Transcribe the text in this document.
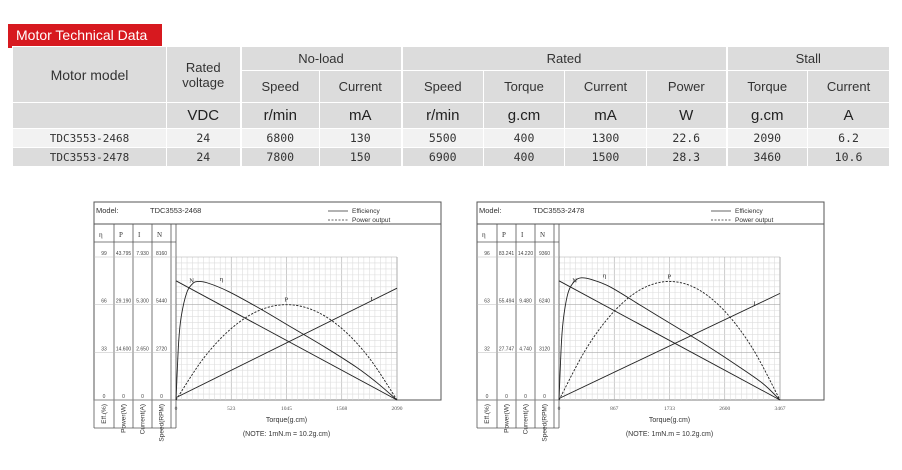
Motor Technical Data
Motor model	Rated
voltage	No-load		Rated				Stall	
		Speed	Current	Speed	Torque	Current	Power	Torque	Current
	VDC	r/min	mA	r/min	g.cm	mA	W	g.cm	A
TDC3553-2468	24	6800	130	5500	400	1300	22.6	2090	6.2
TDC3553-2478	24	7800	150	6900	400	1500	28.3	3460	10.6
Model:	TDC3553-2468	Efficiency
Power output
η P I N
99 43.795 7.930 8160
66 29.190 5.300 5440
33 14.600 2.650 2720
0	0	0	0
Eff.(%) Power(W) Current(A) Speed(RPM) 0	523	1045	1568	2090
Torque(g.cm)
(NOTE: 1mN.m = 10.2g.cm)
N	η
P	I
Model:	TDC3553-2478	Efficiency
Power output
η P I N
96 83.241 14.220 9360
63 55.494 9.480 6240
32 27.747 4.740 3120
0	0	0	0
Eff.(%) Power(W) Current(A) Speed(RPM) 0	867	1733	2600	3467
Torque(g.cm)
(NOTE: 1mN.m = 10.2g.cm)
N
η	P
I
